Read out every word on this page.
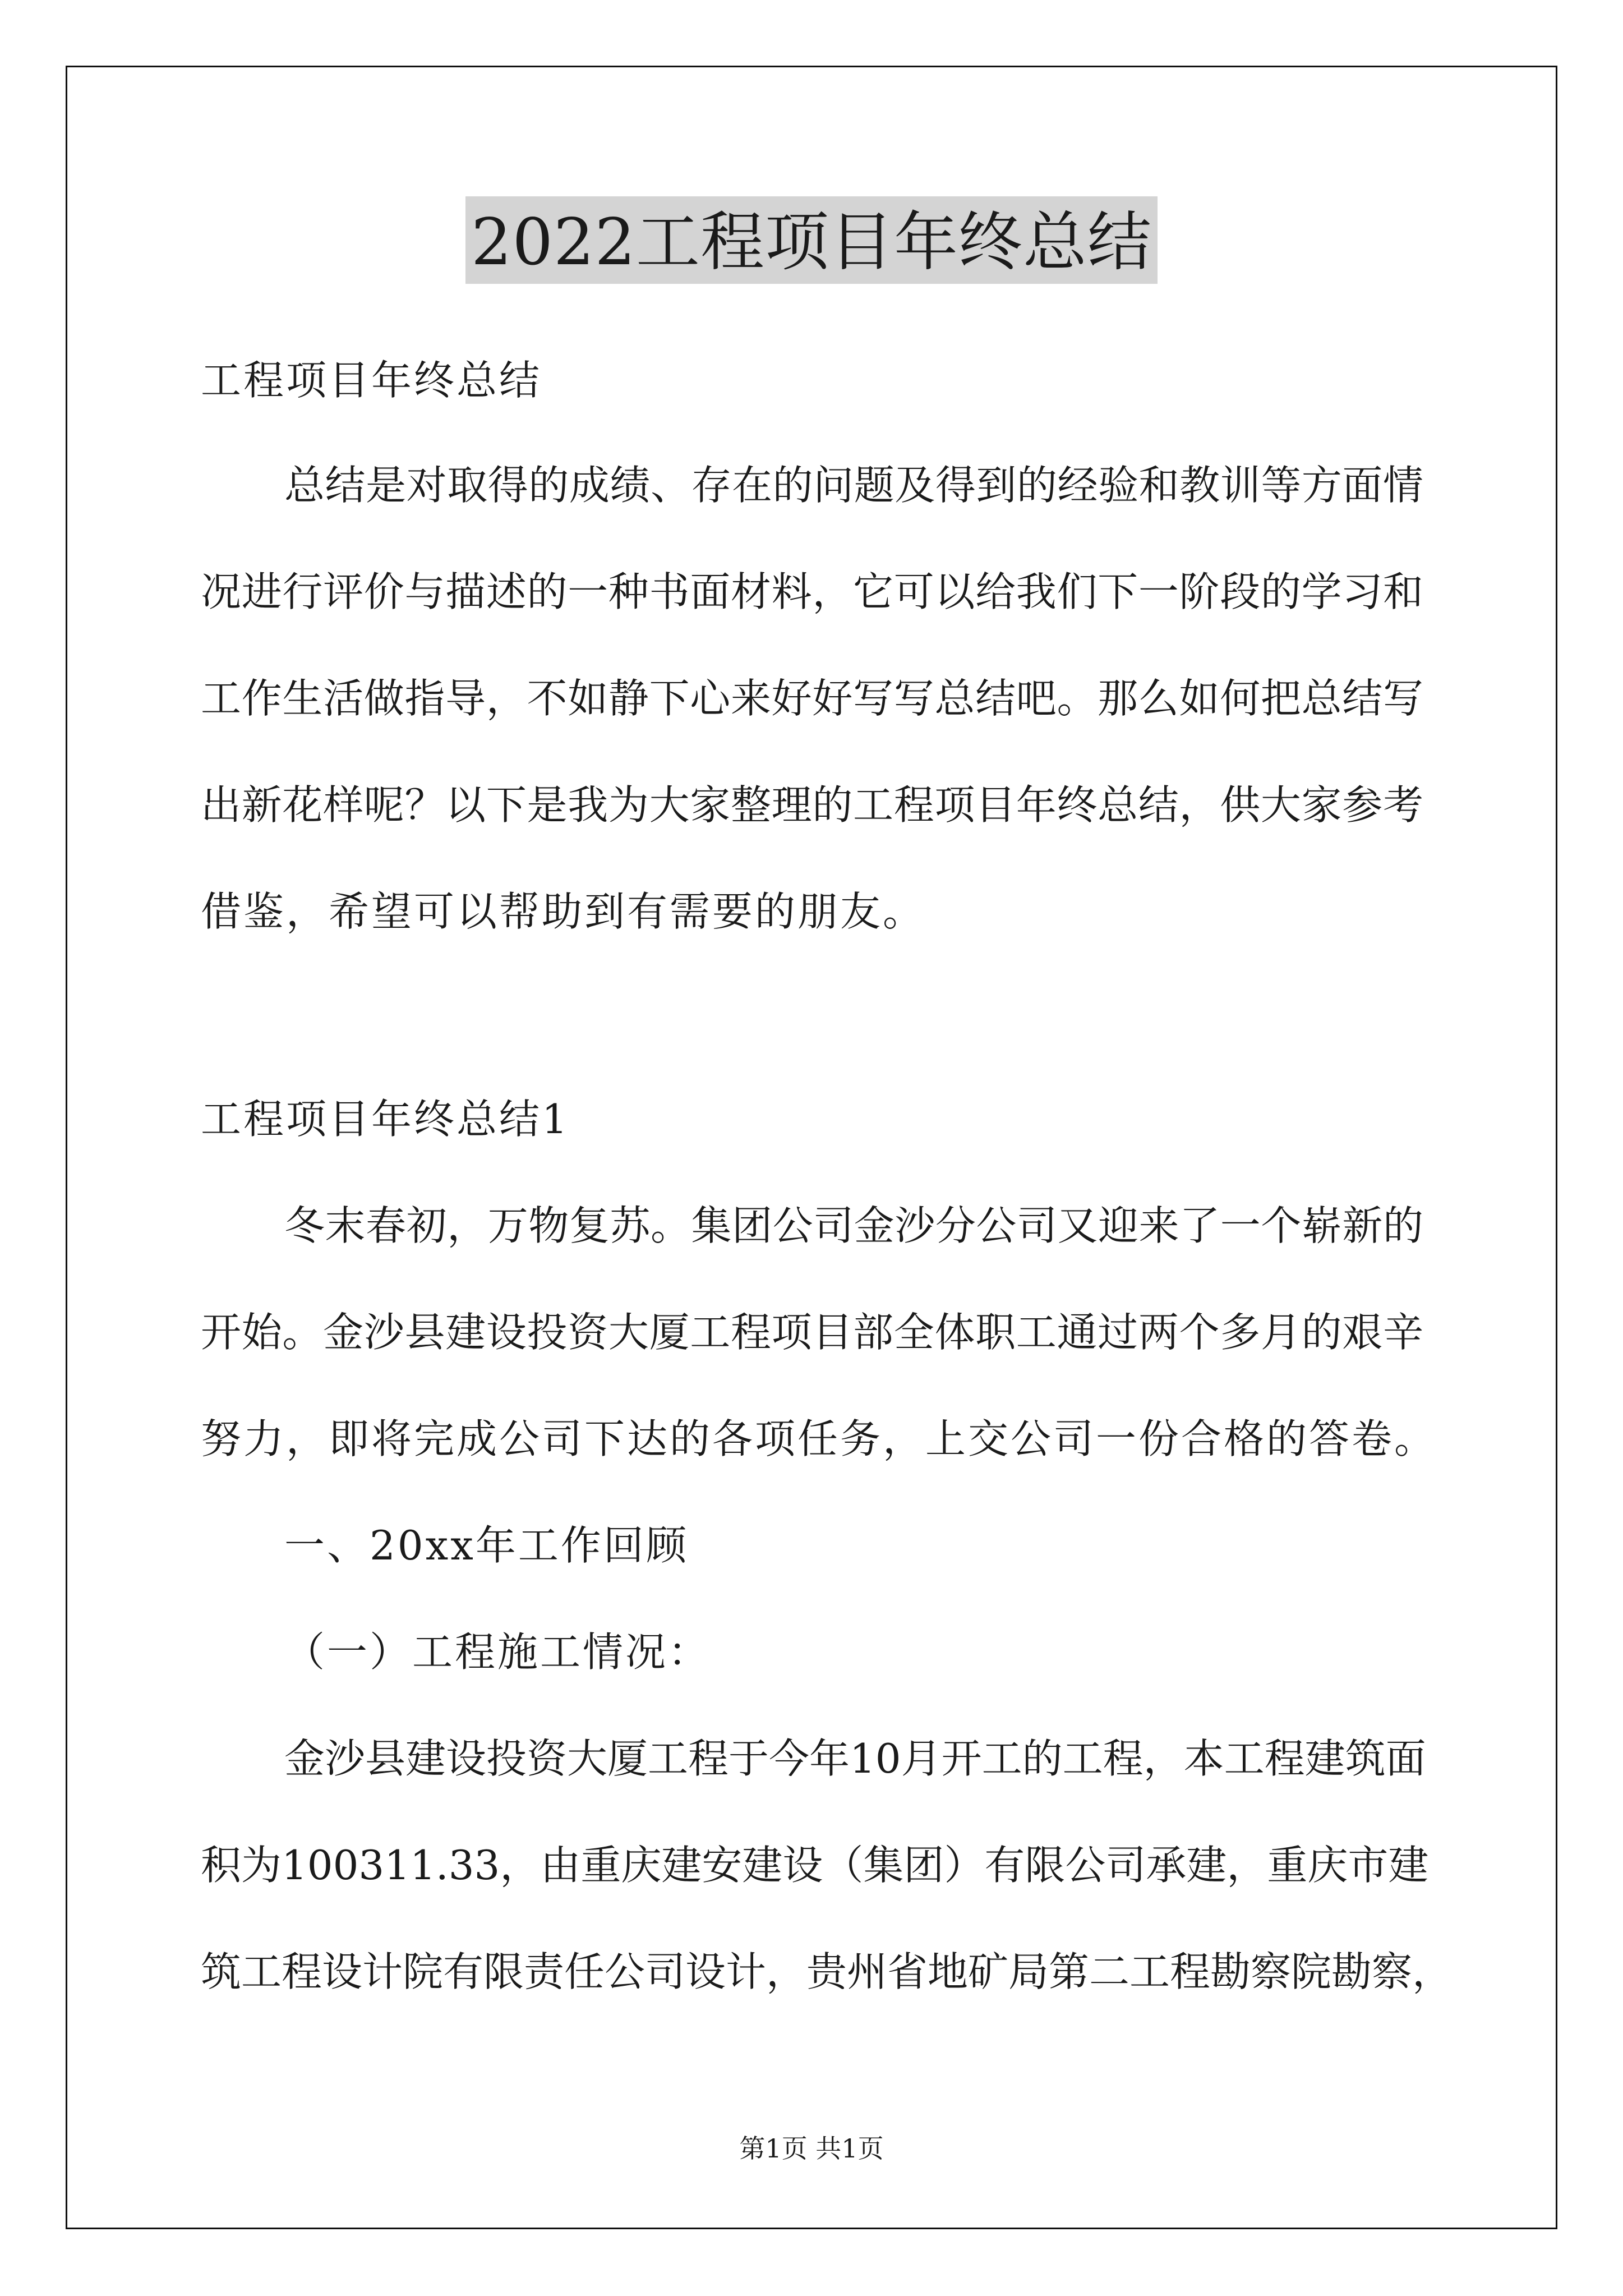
2022工程项目年终总结
工程项目年终总结
总结是对取得的成绩、存在的问题及得到的经验和教训等方面情
况进行评价与描述的一种书面材料，它可以给我们下一阶段的学习和
工作生活做指导，不如静下心来好好写写总结吧。那么如何把总结写
出新花样呢？以下是我为大家整理的工程项目年终总结，供大家参考
借鉴，希望可以帮助到有需要的朋友。
工程项目年终总结1
冬末春初，万物复苏。集团公司金沙分公司又迎来了一个崭新的
开始。金沙县建设投资大厦工程项目部全体职工通过两个多月的艰辛
努力，即将完成公司下达的各项任务，上交公司一份合格的答卷。
一、20xx年工作回顾
（一）工程施工情况：
金沙县建设投资大厦工程于今年10月开工的工程，本工程建筑面
积为100311.33，由重庆建安建设（集团）有限公司承建，重庆市建
筑工程设计院有限责任公司设计，贵州省地矿局第二工程勘察院勘察，
第1页 共1页
